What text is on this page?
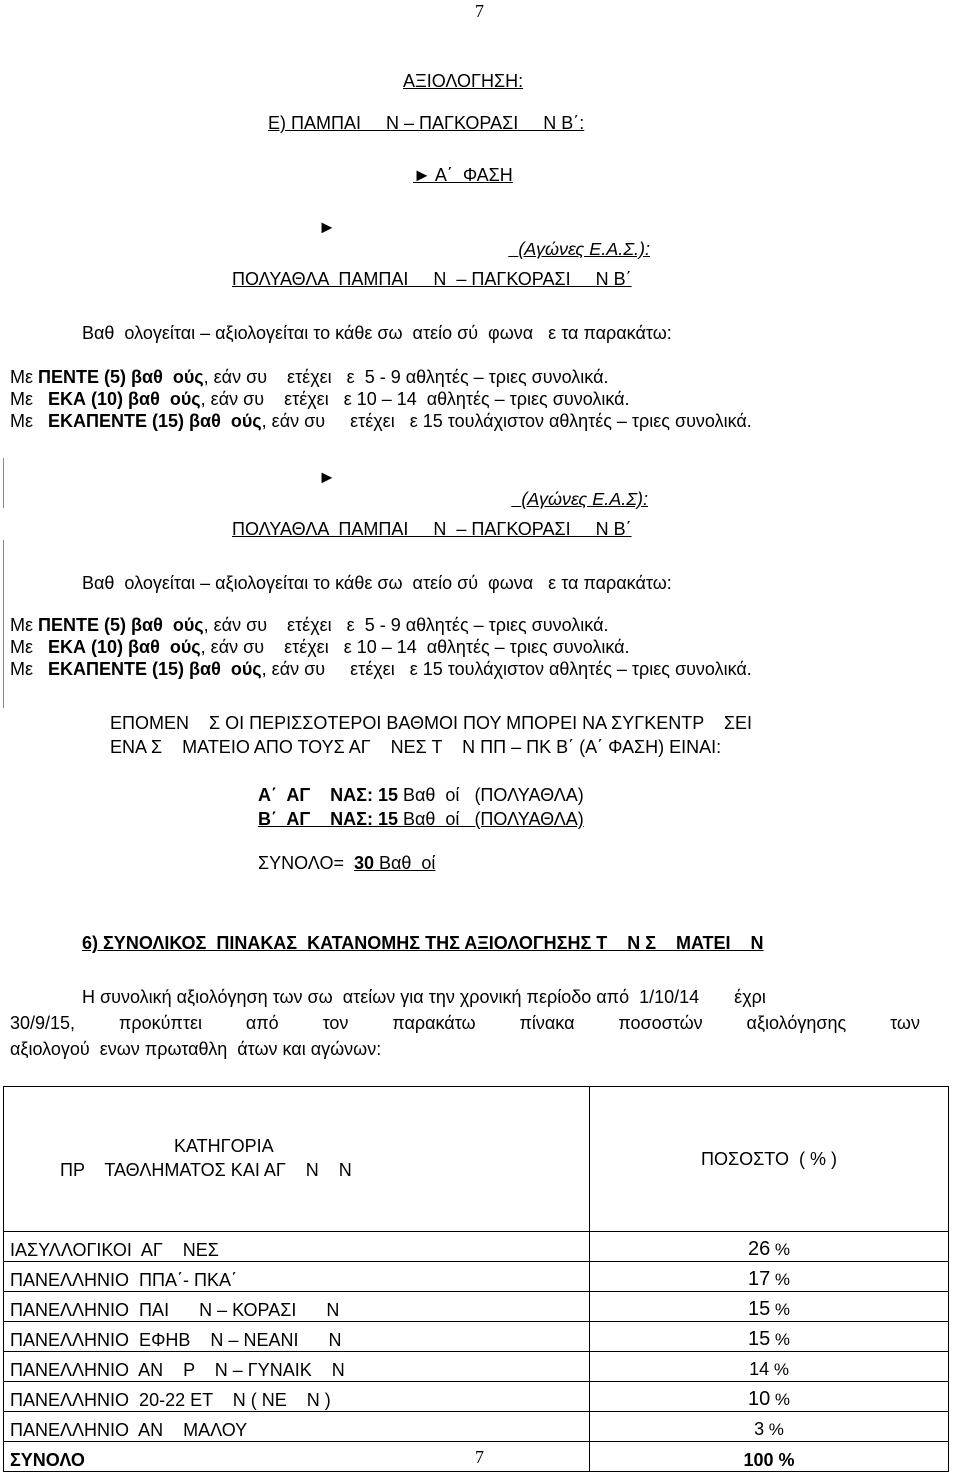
7
ΑΞΙΟΛΟΓΗΣΗ:
Ε) ΠΑΜΠΑΙ     Ν – ΠΑΓΚΟΡΑΣΙ     Ν Β΄:
► Α΄  ΦΑΣΗ
►

(Αγώνες Ε.Α.Σ.):

ΠΟΛΥΑΘΛΑ  ΠΑΜΠΑΙ     Ν  – ΠΑΓΚΟΡΑΣΙ     Ν Β΄
Βαθ  ολογείται – αξιολογείται το κάθε σω  ατείο σύ  φωνα   ε τα παρακάτω:
Με ΠΕΝΤΕ (5) βαθ  ούς, εάν συ    ετέχει   ε  5 - 9 αθλητές – τριες συνολικά.
Με   ΕΚΑ (10) βαθ  ούς, εάν συ    ετέχει   ε 10 – 14  αθλητές – τριες συνολικά.
Με   ΕΚΑΠΕΝΤΕ (15) βαθ  ούς, εάν συ     ετέχει   ε 15 τουλάχιστον αθλητές – τριες συνολικά.
►

(Αγώνες Ε.Α.Σ):

ΠΟΛΥΑΘΛΑ  ΠΑΜΠΑΙ     Ν  – ΠΑΓΚΟΡΑΣΙ     Ν Β΄
Βαθ  ολογείται – αξιολογείται το κάθε σω  ατείο σύ  φωνα   ε τα παρακάτω:
Με ΠΕΝΤΕ (5) βαθ  ούς, εάν συ    ετέχει   ε  5 - 9 αθλητές – τριες συνολικά.
Με   ΕΚΑ (10) βαθ  ούς, εάν συ    ετέχει   ε 10 – 14  αθλητές – τριες συνολικά.
Με   ΕΚΑΠΕΝΤΕ (15) βαθ  ούς, εάν συ     ετέχει   ε 15 τουλάχιστον αθλητές – τριες συνολικά.
ΕΠΟΜΕΝ    Σ ΟΙ ΠΕΡΙΣΣΟΤΕΡΟΙ ΒΑΘΜΟΙ ΠΟΥ ΜΠΟΡΕΙ ΝΑ ΣΥΓΚΕΝΤΡ    ΣΕΙ
ΕΝΑ Σ    ΜΑΤΕΙΟ ΑΠΟ ΤΟΥΣ ΑΓ    ΝΕΣ Τ    Ν ΠΠ – ΠΚ Β΄ (Α΄ ΦΑΣΗ) ΕΙΝΑΙ:
Α΄  ΑΓ    ΝΑΣ: 15 Βαθ  οί   (ΠΟΛΥΑΘΛΑ)
Β΄  ΑΓ    ΝΑΣ: 15 Βαθ  οί   (ΠΟΛΥΑΘΛΑ)
ΣΥΝΟΛΟ=  30 Βαθ  οί
6) ΣΥΝΟΛΙΚΟΣ  ΠΙΝΑΚΑΣ  ΚΑΤΑΝΟΜΗΣ ΤΗΣ ΑΞΙΟΛΟΓΗΣΗΣ Τ    Ν Σ    ΜΑΤΕΙ    Ν
Η συνολική αξιολόγηση των σω  ατείων για την χρονική περίοδο από  1/10/14       έχρι
30/9/15, προκύπτει από τον παρακάτω πίνακα ποσοστών αξιολόγησης των
αξιολογού  ενων πρωταθλη  άτων και αγώνων:

ΚΑΤΗΓΟΡΙΑ

ΠΡ    ΤΑΘΛΗΜΑΤΟΣ ΚΑΙ ΑΓ    Ν    Ν	ΠΟΣΟΣΤΟ  ( % )
ΙΑΣΥΛΛΟΓΙΚΟΙ  ΑΓ    ΝΕΣ	26 %
ΠΑΝΕΛΛΗΝΙΟ  ΠΠΑ΄- ΠΚΑ΄	17 %
ΠΑΝΕΛΛΗΝΙΟ  ΠΑΙ      Ν – ΚΟΡΑΣΙ      Ν	15 %
ΠΑΝΕΛΛΗΝΙΟ  ΕΦΗΒ    Ν – ΝΕΑΝΙ      Ν	15 %
ΠΑΝΕΛΛΗΝΙΟ  ΑΝ    Ρ    Ν – ΓΥΝΑΙΚ    Ν	14 %
ΠΑΝΕΛΛΗΝΙΟ  20-22 ΕΤ    Ν ( ΝΕ    Ν )	10 %
ΠΑΝΕΛΛΗΝΙΟ  ΑΝ    ΜΑΛΟΥ	3 %
ΣΥΝΟΛΟ	100 %
7
